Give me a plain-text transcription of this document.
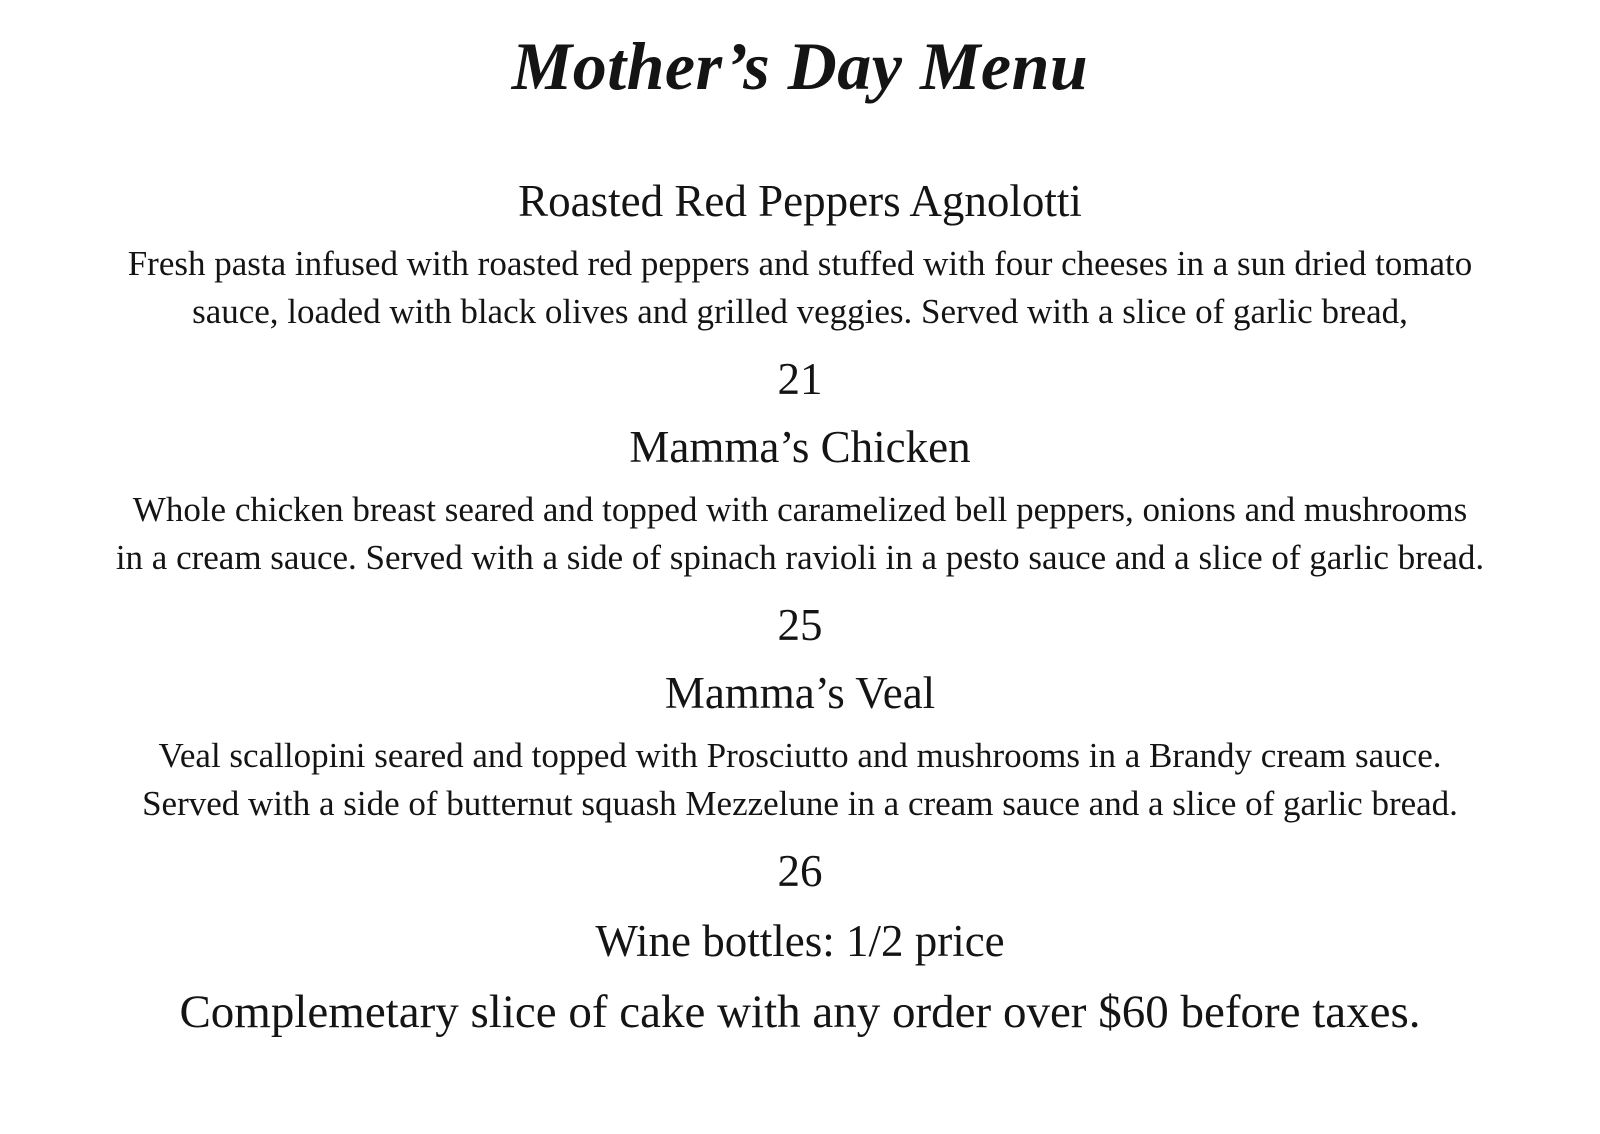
Mother’s Day Menu
Roasted Red Peppers Agnolotti
Fresh pasta infused with roasted red peppers and stuffed with four cheeses in a sun dried tomato
sauce, loaded with black olives and grilled veggies. Served with a slice of garlic bread,
21
Mamma’s Chicken
Whole chicken breast seared and topped with caramelized bell peppers, onions and mushrooms
in a cream sauce. Served with a side of spinach ravioli in a pesto sauce and a slice of garlic bread.
25
Mamma’s Veal
Veal scallopini seared and topped with Prosciutto and mushrooms in a Brandy cream sauce.
Served with a side of butternut squash Mezzelune in a cream sauce and a slice of garlic bread.
26
Wine bottles: 1/2 price
Complemetary slice of cake with any order over $60 before taxes.
